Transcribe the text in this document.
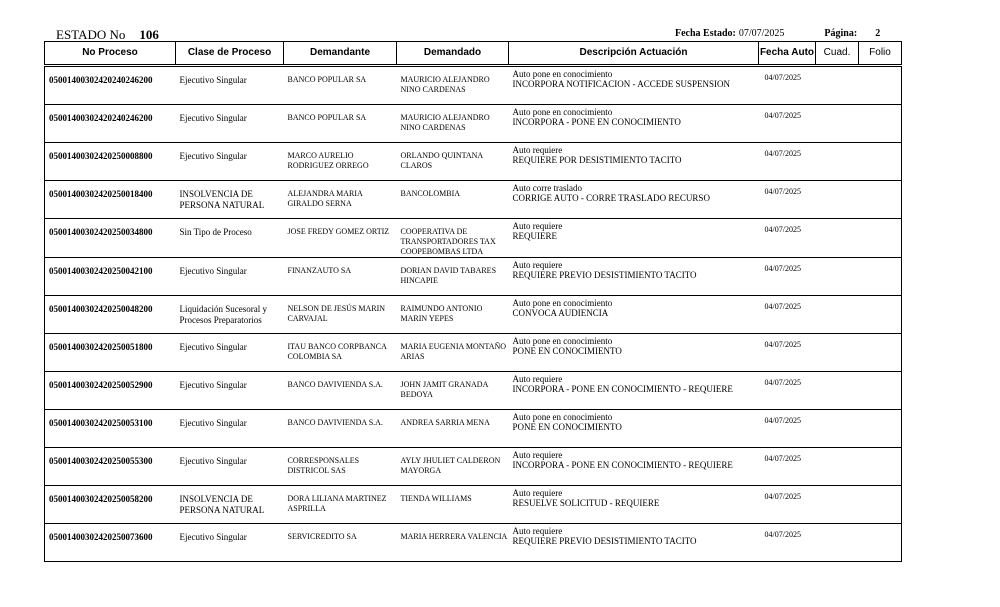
ESTADO No 106	Fecha Estado: 07/07/2025	Página: 2
No Proceso	Clase de Proceso	Demandante	Demandado	Descripción Actuación	Fecha Auto	Cuad.	Folio

05001400302420240246200	Ejecutivo Singular	BANCO POPULAR SA	MAURICIO ALEJANDRO NINO CARDENAS	Auto pone en conocimiento
INCORPORA NOTIFICACION - ACCEDE SUSPENSION	04/07/2025		

05001400302420240246200	Ejecutivo Singular	BANCO POPULAR SA	MAURICIO ALEJANDRO NINO CARDENAS	Auto pone en conocimiento
INCORPORA - PONE EN CONOCIMIENTO	04/07/2025		

05001400302420250008800	Ejecutivo Singular	MARCO AURELIO RODRIGUEZ ORREGO	ORLANDO QUINTANA CLAROS	Auto requiere
REQUIERE POR DESISTIMIENTO TACITO	04/07/2025		

05001400302420250018400	INSOLVENCIA DE PERSONA NATURAL	ALEJANDRA MARIA GIRALDO SERNA	BANCOLOMBIA	Auto corre traslado
CORRIGE AUTO - CORRE TRASLADO RECURSO	04/07/2025		

05001400302420250034800	Sin Tipo de Proceso	JOSE FREDY GOMEZ ORTIZ	COOPERATIVA DE TRANSPORTADORES TAX COOPEBOMBAS LTDA	Auto requiere
REQUIERE	04/07/2025		

05001400302420250042100	Ejecutivo Singular	FINANZAUTO SA	DORIAN DAVID TABARES HINCAPIE	Auto requiere
REQUIERE PREVIO DESISTIMIENTO TACITO	04/07/2025		

05001400302420250048200	Liquidación Sucesoral y Procesos Preparatorios	NELSON DE JESÚS MARIN CARVAJAL	RAIMUNDO ANTONIO MARIN YEPES	Auto pone en conocimiento
CONVOCA AUDIENCIA	04/07/2025		

05001400302420250051800	Ejecutivo Singular	ITAU BANCO CORPBANCA COLOMBIA SA	MARIA EUGENIA MONTAÑO ARIAS	Auto pone en conocimiento
PONE EN CONOCIMIENTO	04/07/2025		

05001400302420250052900	Ejecutivo Singular	BANCO DAVIVIENDA S.A.	JOHN JAMIT GRANADA BEDOYA	Auto requiere
INCORPORA - PONE EN CONOCIMIENTO - REQUIERE	04/07/2025		

05001400302420250053100	Ejecutivo Singular	BANCO DAVIVIENDA S.A.	ANDREA SARRIA MENA	Auto pone en conocimiento
PONE EN CONOCIMIENTO	04/07/2025		

05001400302420250055300	Ejecutivo Singular	CORRESPONSALES DISTRICOL SAS	AYLY JHULIET CALDERON MAYORGA	Auto requiere
INCORPORA - PONE EN CONOCIMIENTO - REQUIERE	04/07/2025		

05001400302420250058200	INSOLVENCIA DE PERSONA NATURAL	DORA LILIANA MARTINEZ ASPRILLA	TIENDA WILLIAMS	Auto requiere
RESUELVE SOLICITUD - REQUIERE	04/07/2025		

05001400302420250073600	Ejecutivo Singular	SERVICREDITO SA	MARIA HERRERA VALENCIA	Auto requiere
REQUIERE PREVIO DESISTIMIENTO TACITO	04/07/2025		
